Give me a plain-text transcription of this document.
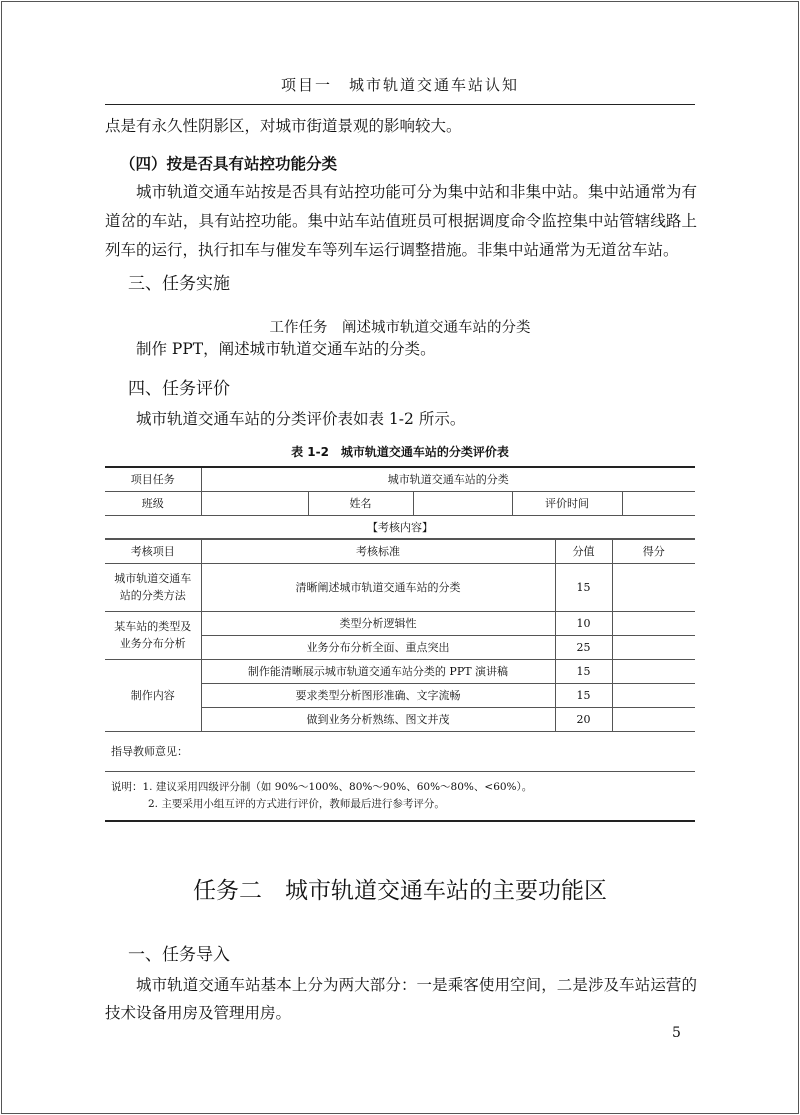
项目一　城市轨道交通车站认知
点是有永久性阴影区，对城市街道景观的影响较大。
（四）按是否具有站控功能分类
城市轨道交通车站按是否具有站控功能可分为集中站和非集中站。集中站通常为有道岔的车站，具有站控功能。集中站车站值班员可根据调度命令监控集中站管辖线路上列车的运行，执行扣车与催发车等列车运行调整措施。非集中站通常为无道岔车站。
三、任务实施
工作任务　阐述城市轨道交通车站的分类
制作 PPT，阐述城市轨道交通车站的分类。
四、任务评价
城市轨道交通车站的分类评价表如表 1-2 所示。
表 1-2　城市轨道交通车站的分类评价表
项目任务	城市轨道交通车站的分类				
班级		姓名		评价时间	
【考核内容】					
考核项目	考核标准	分值	得分
城市轨道交通车站的分类方法	清晰阐述城市轨道交通车站的分类	15	
某车站的类型及业务分布分析	类型分析逻辑性	10	
	业务分布分析全面、重点突出	25	
制作内容	制作能清晰展示城市轨道交通车站分类的 PPT 演讲稿	15	
	要求类型分析图形准确、文字流畅	15	
	做到业务分析熟练、图文并茂	20	
指导教师意见：			

说明：1. 建议采用四级评分制（如 90%～100%、80%～90%、60%～80%、<60%）。
2. 主要采用小组互评的方式进行评价，教师最后进行参考评分。			
任务二　城市轨道交通车站的主要功能区
一、任务导入
城市轨道交通车站基本上分为两大部分：一是乘客使用空间，二是涉及车站运营的技术设备用房及管理用房。
5
